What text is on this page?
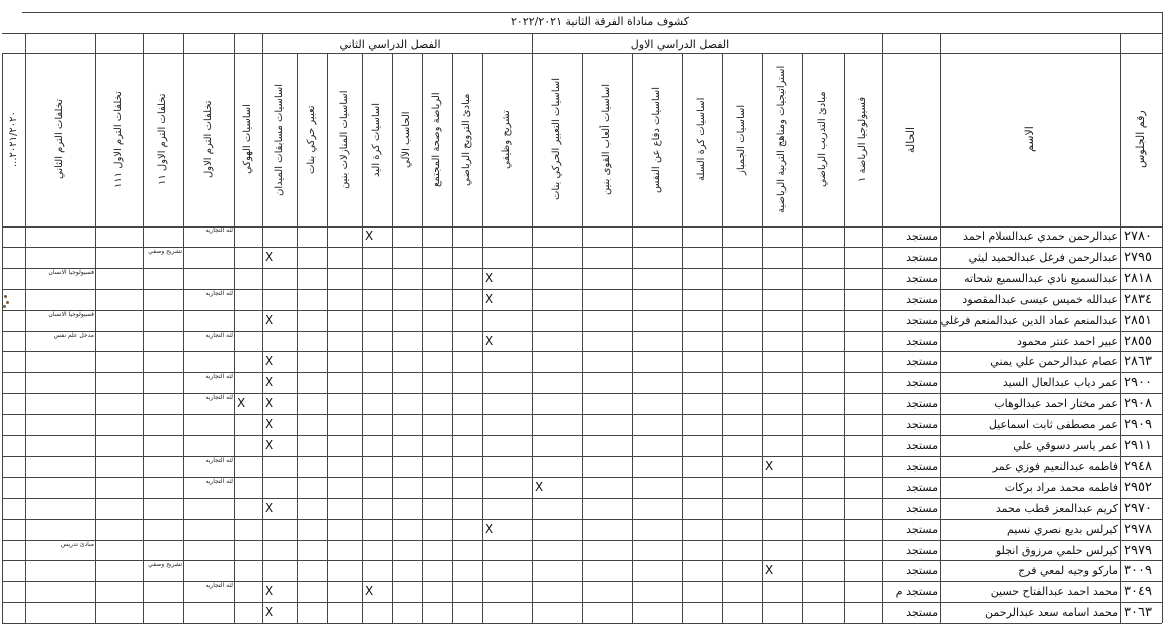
كشوف مناداة الفرقة الثانية ٢٠٢٢/٢٠٢١
الفصل الدراسي الاول
الفصل الدراسي الثاني
رقم الجلوس
الاسم
الحالة
فسيولوجيا الرياضة ١
مبادئ التدريب الرياضي
استراتيجيات ومناهج التربية الرياضية
اساسيات الجمباز
اساسيات كرة السلة
اساسيات دفاع عن النفس
اساسيات ألعاب القوى بنين
اساسيات التعبير الحركي بنات
تشريح وظيفي
مبادئ الترويح الرياضي
الرياضة وصحة المجتمع
الحاسب الآلي
اساسيات كرة اليد
اساسيات المنازلات بنين
تعبير حركي بنات
اساسيات مسابقات الميدان
اساسيات الهوكي
تخلفات الترم الاول
تخلفات الترم الاول ١١
تخلفات الترم الاول ١١١
تخلفات الترم الثاني
...٢٠٢١/٢٠٢٠
٢٧٨٠
عبدالرحمن حمدي عبدالسلام احمد
مستجد
X
لثه التجاريه
٢٧٩٥
عبدالرحمن فرغل عبدالحميد ليثي
مستجد
X
تشريح وصفي
٢٨١٨
عبدالسميع نادي عبدالسميع شحاته
مستجد
X
فسيولوجيا الانسان
٢٨٣٤
عبدالله خميس عيسى عبدالمقصود
مستجد
X
لثه التجاريه
٢٨٥١
عبدالمنعم عماد الدين عبدالمنعم فرغلي
مستجد
X
فسيولوجيا الانسان
٢٨٥٥
عبير احمد عنتر محمود
مستجد
X
مدخل علم نفس	لثه التجاريه
٢٨٦٣
عصام عبدالرحمن علي يمني
مستجد
X
٢٩٠٠
عمر دياب عبدالعال السيد
مستجد
X
لثه التجاريه
٢٩٠٨
عمر مختار احمد عبدالوهاب
مستجد
X X
لثه التجاريه
٢٩٠٩
عمر مصطفى ثابت اسماعيل
مستجد
X
٢٩١١
عمر ياسر دسوقي علي
مستجد
X
٢٩٤٨
فاطمه عبدالنعيم فوزي عمر
مستجد
X
لثه التجاريه
٢٩٥٢
فاطمه محمد مراد بركات
مستجد
X
لثه التجاريه
٢٩٧٠
كريم عبدالمعز قطب محمد
مستجد
X
٢٩٧٨
كيرلس بديع نصري نسيم
مستجد
X
٢٩٧٩
كيرلس حلمي مرزوق انجلو
مستجد
مبادئ تدريس
٣٠٠٩
ماركو وجيه لمعي فرج
مستجد
X
تشريح وصفي
٣٠٤٩
محمد احمد عبدالفتاح حسين
مستجد م
X	X
لثه التجاريه
٣٠٦٣
محمد اسامه سعد عبدالرحمن
مستجد
X
